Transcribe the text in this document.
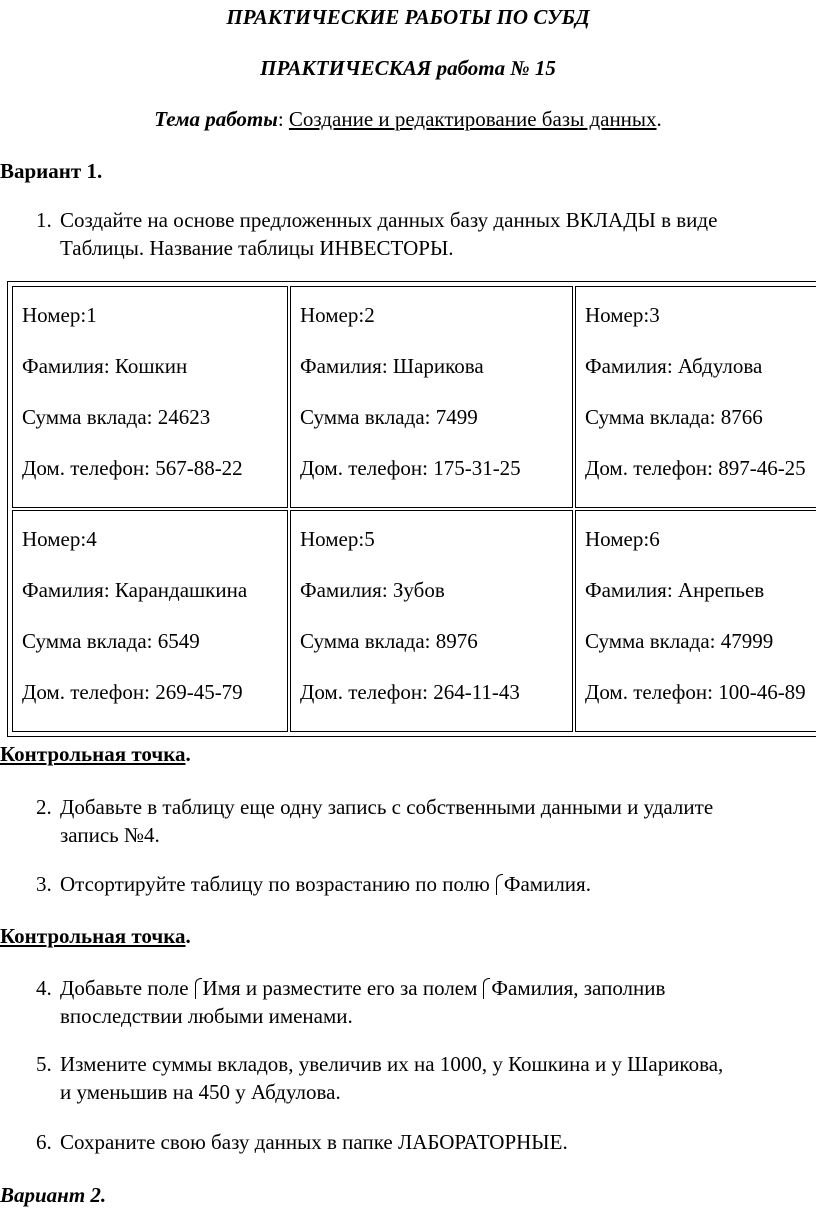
ПРАКТИЧЕСКИЕ РАБОТЫ ПО СУБД
ПРАКТИЧЕСКАЯ работа № 15
Тема работы: Создание и редактирование базы данных.
Вариант 1.
1. Создайте на основе предложенных данных базу данных ВКЛАДЫ в виде
Таблицы. Название таблицы ИНВЕСТОРЫ.
Номер:1
Фамилия: Кошкин
Сумма вклада: 24623
Дом. телефон: 567-88-22
Номер:2
Фамилия: Шарикова
Сумма вклада: 7499
Дом. телефон: 175-31-25
Номер:3
Фамилия: Абдулова
Сумма вклада: 8766
Дом. телефон: 897-46-25
Номер:4
Фамилия: Карандашкина
Сумма вклада: 6549
Дом. телефон: 269-45-79
Номер:5
Фамилия: Зубов
Сумма вклада: 8976
Дом. телефон: 264-11-43
Номер:6
Фамилия: Анрепьев
Сумма вклада: 47999
Дом. телефон: 100-46-89
Контрольная точка.
2. Добавьте в таблицу еще одну запись с собственными данными и удалите
запись №4.
3. Отсортируйте таблицу по возрастанию по полю Фамилия.
Контрольная точка.
4. Добавьте поле Имя и разместите его за полем Фамилия, заполнив
впоследствии любыми именами.
5. Измените суммы вкладов, увеличив их на 1000, у Кошкина и у Шарикова,
и уменьшив на 450 у Абдулова.
6. Сохраните свою базу данных в папке ЛАБОРАТОРНЫЕ.
Вариант 2.
